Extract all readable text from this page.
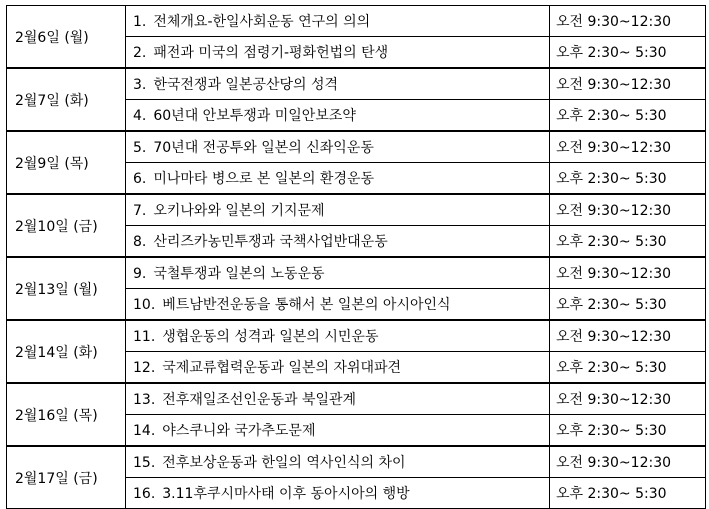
2월6일 (월)	1. 전체개요-한일사회운동 연구의 의의	오전 9:30~12:30
	2. 패전과 미국의 점령기-평화헌법의 탄생	오후 2:30~ 5:30
2월7일 (화)	3. 한국전쟁과 일본공산당의 성격	오전 9:30~12:30
	4. 60년대 안보투쟁과 미일안보조약	오후 2:30~ 5:30
2월9일 (목)	5. 70년대 전공투와 일본의 신좌익운동	오전 9:30~12:30
	6. 미나마타 병으로 본 일본의 환경운동	오후 2:30~ 5:30
2월10일 (금)	7. 오키나와와 일본의 기지문제	오전 9:30~12:30
	8. 산리즈카농민투쟁과 국책사업반대운동	오후 2:30~ 5:30
2월13일 (월)	9. 국철투쟁과 일본의 노동운동	오전 9:30~12:30
	10. 베트남반전운동을 통해서 본 일본의 아시아인식	오후 2:30~ 5:30
2월14일 (화)	11. 생협운동의 성격과 일본의 시민운동	오전 9:30~12:30
	12. 국제교류협력운동과 일본의 자위대파견	오후 2:30~ 5:30
2월16일 (목)	13. 전후재일조선인운동과 북일관계	오전 9:30~12:30
	14. 야스쿠니와 국가추도문제	오후 2:30~ 5:30
2월17일 (금)	15. 전후보상운동과 한일의 역사인식의 차이	오전 9:30~12:30
	16. 3.11후쿠시마사태 이후 동아시아의 행방	오후 2:30~ 5:30
